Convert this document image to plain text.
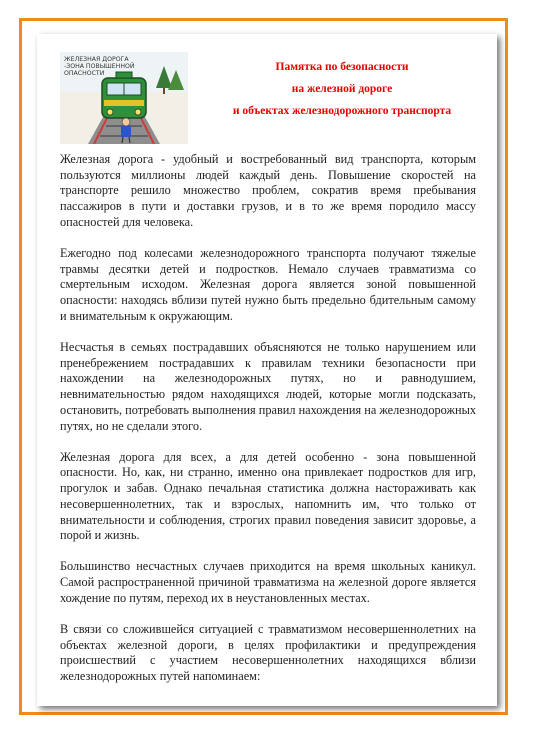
ЖЕЛЕЗНАЯ ДОРОГА
-ЗОНА ПОВЫШЕННОЙ
ОПАСНОСТИ
Памятка по безопасности
на железной дороге
и объектах железнодорожного транспорта

Железная дорога - удобный и востребованный вид транспорта, которым пользуются миллионы людей каждый день. Повышение скоростей на транспорте решило множество проблем, сократив время пребывания пассажиров в пути и доставки грузов, и в то же время породило массу опасностей для человека.

Ежегодно под колесами железнодорожного транспорта получают тяжелые травмы десятки детей и подростков. Немало случаев травматизма со смертельным исходом. Железная дорога является зоной повышенной опасности: находясь вблизи путей нужно быть предельно бдительным самому и внимательным к окружающим.

Несчастья в семьях пострадавших объясняются не только нарушением или пренебрежением пострадавших к правилам техники безопасности при нахождении на железнодорожных путях, но и равнодушием, невнимательностью рядом находящихся людей, которые могли подсказать, остановить, потребовать выполнения правил нахождения на железнодорожных путях, но не сделали этого.

Железная дорога для всех, а для детей особенно - зона повышенной опасности. Но, как, ни странно, именно она привлекает подростков для игр, прогулок и забав. Однако печальная статистика должна настораживать как несовершеннолетних, так и взрослых, напомнить им, что только от внимательности и соблюдения, строгих правил поведения зависит здоровье, а порой и жизнь.

Большинство несчастных случаев приходится на время школьных каникул. Самой распространенной причиной травматизма на железной дороге является хождение по путям, переход их в неустановленных местах.

В связи со сложившейся ситуацией с травматизмом несовершеннолетних на объектах железной дороги, в целях профилактики и предупреждения происшествий с участием несовершеннолетних находящихся вблизи железнодорожных путей напоминаем:
